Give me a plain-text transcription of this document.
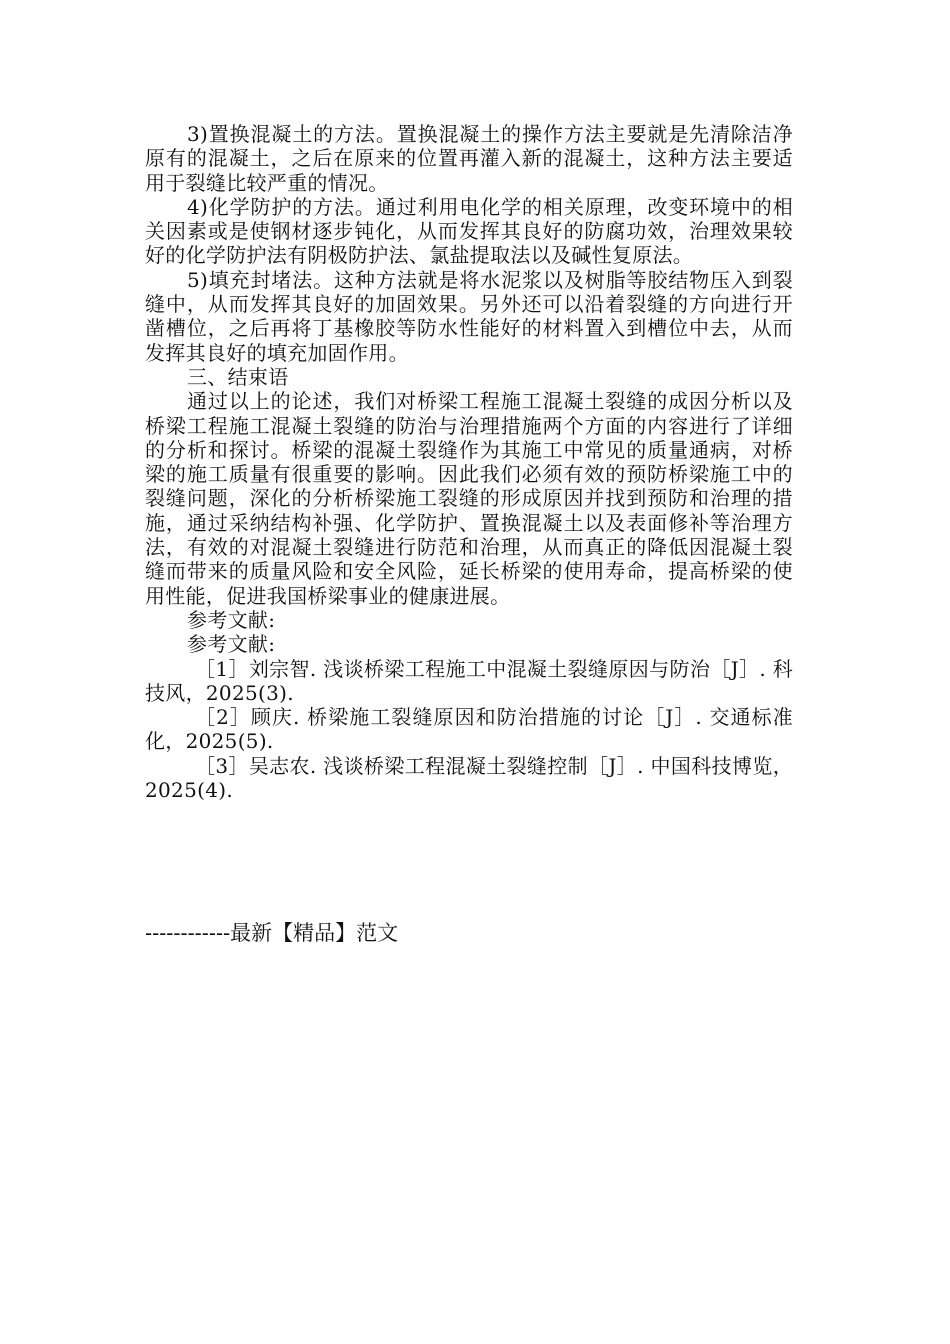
3)置换混凝土的方法。置换混凝土的操作方法主要就是先清除洁净原有的混凝土，之后在原来的位置再灌入新的混凝土，这种方法主要适用于裂缝比较严重的情况。

4)化学防护的方法。通过利用电化学的相关原理，改变环境中的相关因素或是使钢材逐步钝化，从而发挥其良好的防腐功效，治理效果较好的化学防护法有阴极防护法、氯盐提取法以及碱性复原法。

5)填充封堵法。这种方法就是将水泥浆以及树脂等胶结物压入到裂缝中，从而发挥其良好的加固效果。另外还可以沿着裂缝的方向进行开凿槽位，之后再将丁基橡胶等防水性能好的材料置入到槽位中去，从而发挥其良好的填充加固作用。

三、结束语

通过以上的论述，我们对桥梁工程施工混凝土裂缝的成因分析以及桥梁工程施工混凝土裂缝的防治与治理措施两个方面的内容进行了详细的分析和探讨。桥梁的混凝土裂缝作为其施工中常见的质量通病，对桥梁的施工质量有很重要的影响。因此我们必须有效的预防桥梁施工中的裂缝问题，深化的分析桥梁施工裂缝的形成原因并找到预防和治理的措施，通过采纳结构补强、化学防护、置换混凝土以及表面修补等治理方法，有效的对混凝土裂缝进行防范和治理，从而真正的降低因混凝土裂缝而带来的质量风险和安全风险，延长桥梁的使用寿命，提高桥梁的使用性能，促进我国桥梁事业的健康进展。

参考文献:

参考文献:

［1］刘宗智. 浅谈桥梁工程施工中混凝土裂缝原因与防治［J］. 科技风，2025(3).

［2］顾庆. 桥梁施工裂缝原因和防治措施的讨论［J］. 交通标准化，2025(5).

［3］吴志农. 浅谈桥梁工程混凝土裂缝控制［J］. 中国科技博览，2025(4).

------------最新【精品】范文
